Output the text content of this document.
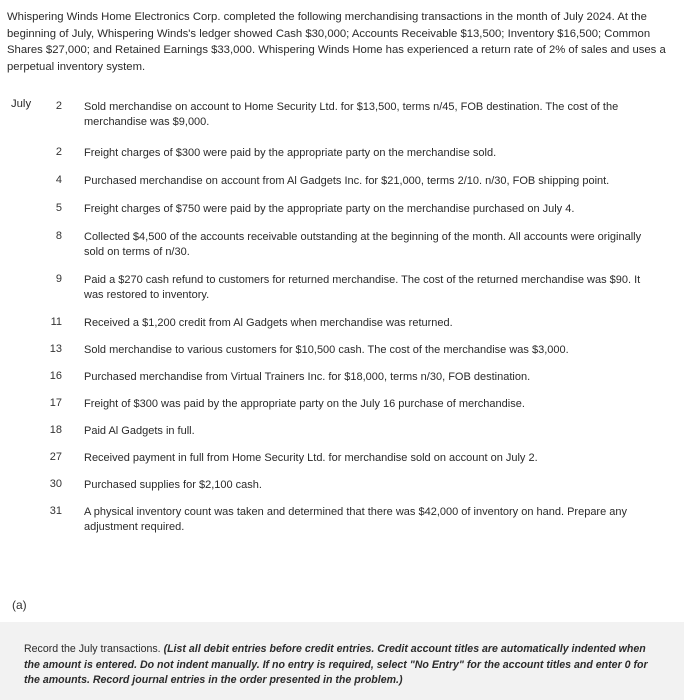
Whispering Winds Home Electronics Corp. completed the following merchandising transactions in the month of July 2024. At the beginning of July, Whispering Winds's ledger showed Cash $30,000; Accounts Receivable $13,500; Inventory $16,500; Common Shares $27,000; and Retained Earnings $33,000. Whispering Winds Home has experienced a return rate of 2% of sales and uses a perpetual inventory system.
July	2 Sold merchandise on account to Home Security Ltd. for $13,500, terms n/45, FOB destination. The cost of the merchandise was $9,000.
2 Freight charges of $300 were paid by the appropriate party on the merchandise sold.
4 Purchased merchandise on account from Al Gadgets Inc. for $21,000, terms 2/10. n/30, FOB shipping point.
5 Freight charges of $750 were paid by the appropriate party on the merchandise purchased on July 4.
8 Collected $4,500 of the accounts receivable outstanding at the beginning of the month. All accounts were originally sold on terms of n/30.
9 Paid a $270 cash refund to customers for returned merchandise. The cost of the returned merchandise was $90. It was restored to inventory.
11 Received a $1,200 credit from Al Gadgets when merchandise was returned.
13 Sold merchandise to various customers for $10,500 cash. The cost of the merchandise was $3,000.
16 Purchased merchandise from Virtual Trainers Inc. for $18,000, terms n/30, FOB destination.
17 Freight of $300 was paid by the appropriate party on the July 16 purchase of merchandise.
18 Paid Al Gadgets in full.
27 Received payment in full from Home Security Ltd. for merchandise sold on account on July 2.
30 Purchased supplies for $2,100 cash.
31 A physical inventory count was taken and determined that there was $42,000 of inventory on hand. Prepare any adjustment required.
(a)
Record the July transactions. (List all debit entries before credit entries. Credit account titles are automatically indented when the amount is entered. Do not indent manually. If no entry is required, select "No Entry" for the account titles and enter 0 for the amounts. Record journal entries in the order presented in the problem.)
